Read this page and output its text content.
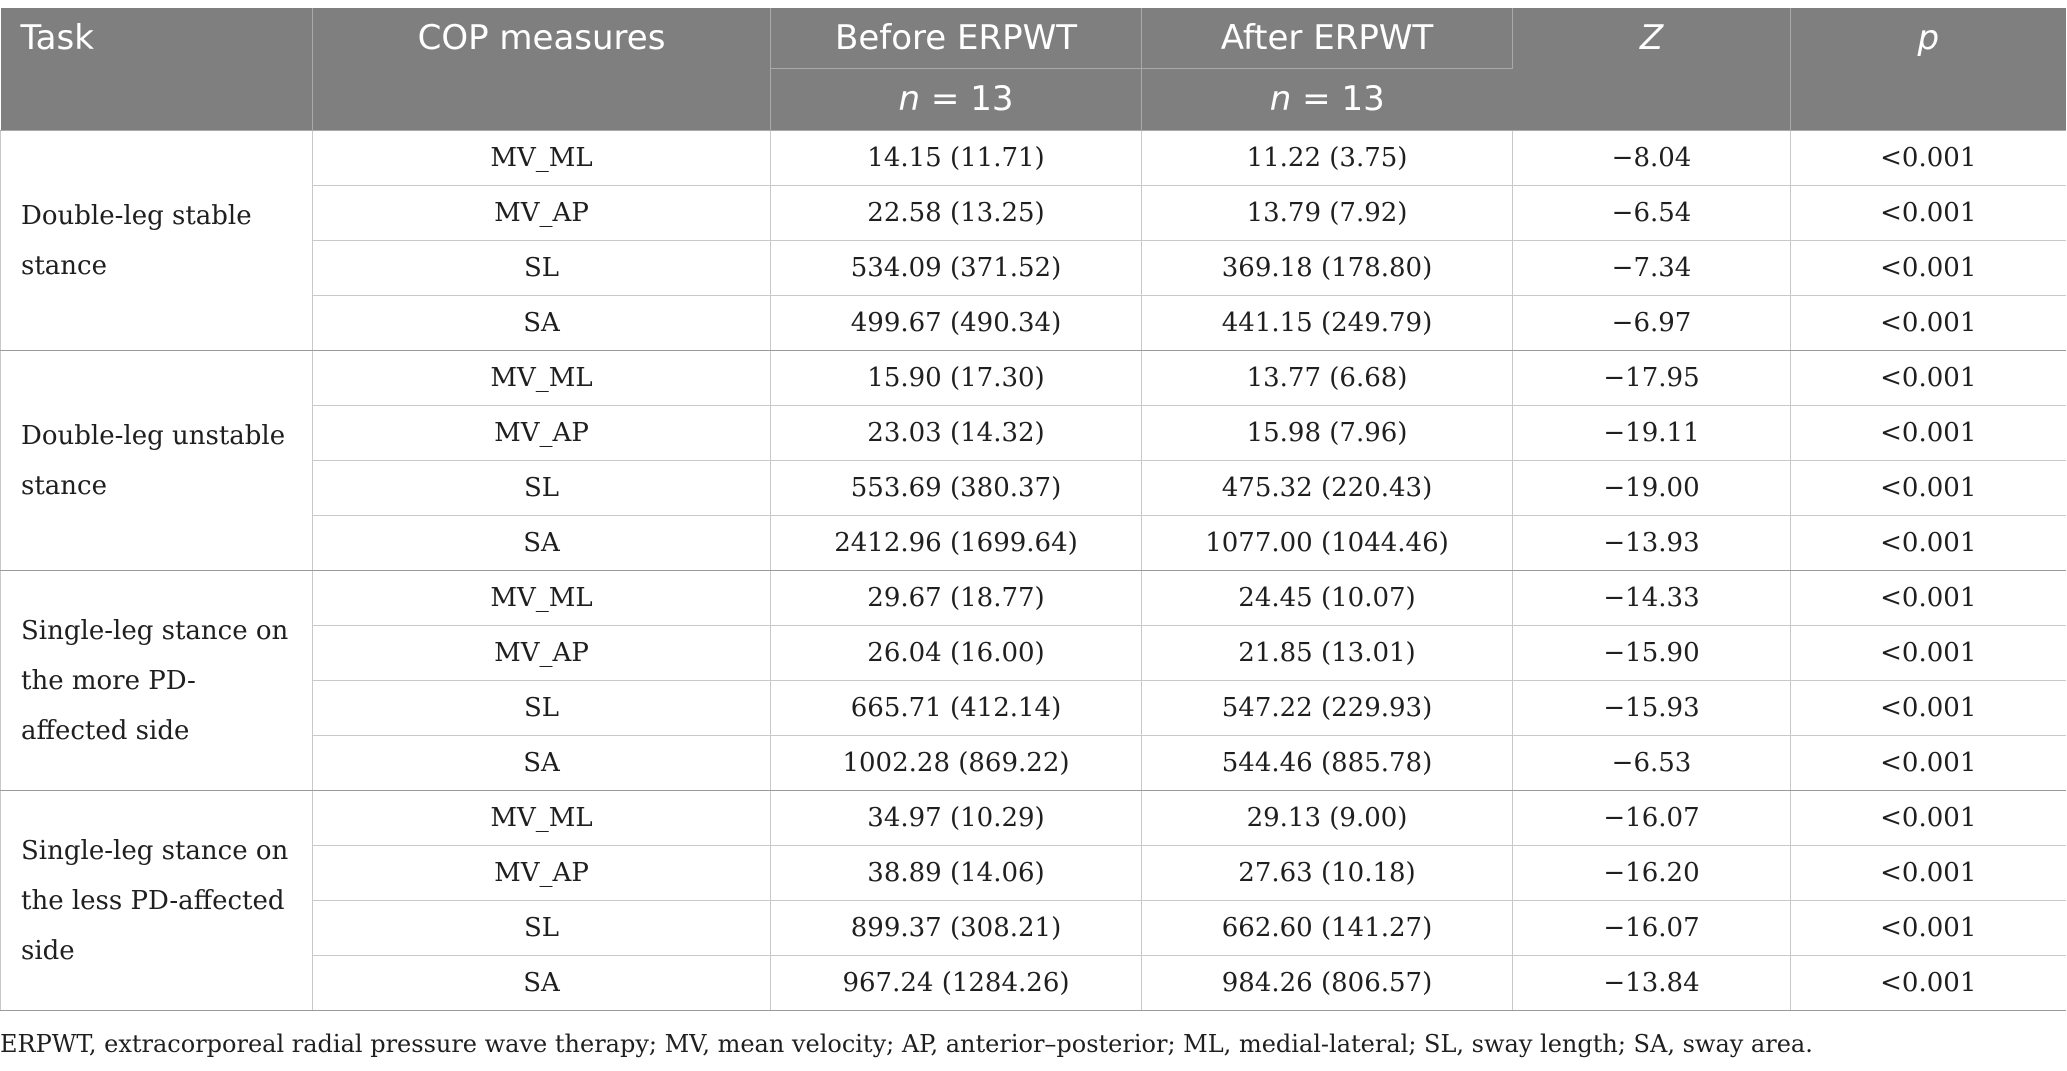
Task	COP measures	Before ERPWT	After ERPWT	Z	p
		n = 13	n = 13		
Double-leg stable stance	MV_ML	14.15 (11.71)	11.22 (3.75)	−8.04	<0.001
	MV_AP	22.58 (13.25)	13.79 (7.92)	−6.54	<0.001
	SL	534.09 (371.52)	369.18 (178.80)	−7.34	<0.001
	SA	499.67 (490.34)	441.15 (249.79)	−6.97	<0.001
Double-leg unstable stance	MV_ML	15.90 (17.30)	13.77 (6.68)	−17.95	<0.001
	MV_AP	23.03 (14.32)	15.98 (7.96)	−19.11	<0.001
	SL	553.69 (380.37)	475.32 (220.43)	−19.00	<0.001
	SA	2412.96 (1699.64)	1077.00 (1044.46)	−13.93	<0.001
Single-leg stance on the more PD-affected side	MV_ML	29.67 (18.77)	24.45 (10.07)	−14.33	<0.001
	MV_AP	26.04 (16.00)	21.85 (13.01)	−15.90	<0.001
	SL	665.71 (412.14)	547.22 (229.93)	−15.93	<0.001
	SA	1002.28 (869.22)	544.46 (885.78)	−6.53	<0.001
Single-leg stance on the less PD-affected side	MV_ML	34.97 (10.29)	29.13 (9.00)	−16.07	<0.001
	MV_AP	38.89 (14.06)	27.63 (10.18)	−16.20	<0.001
	SL	899.37 (308.21)	662.60 (141.27)	−16.07	<0.001
	SA	967.24 (1284.26)	984.26 (806.57)	−13.84	<0.001
ERPWT, extracorporeal radial pressure wave therapy; MV, mean velocity; AP, anterior–posterior; ML, medial-lateral; SL, sway length; SA, sway area.
